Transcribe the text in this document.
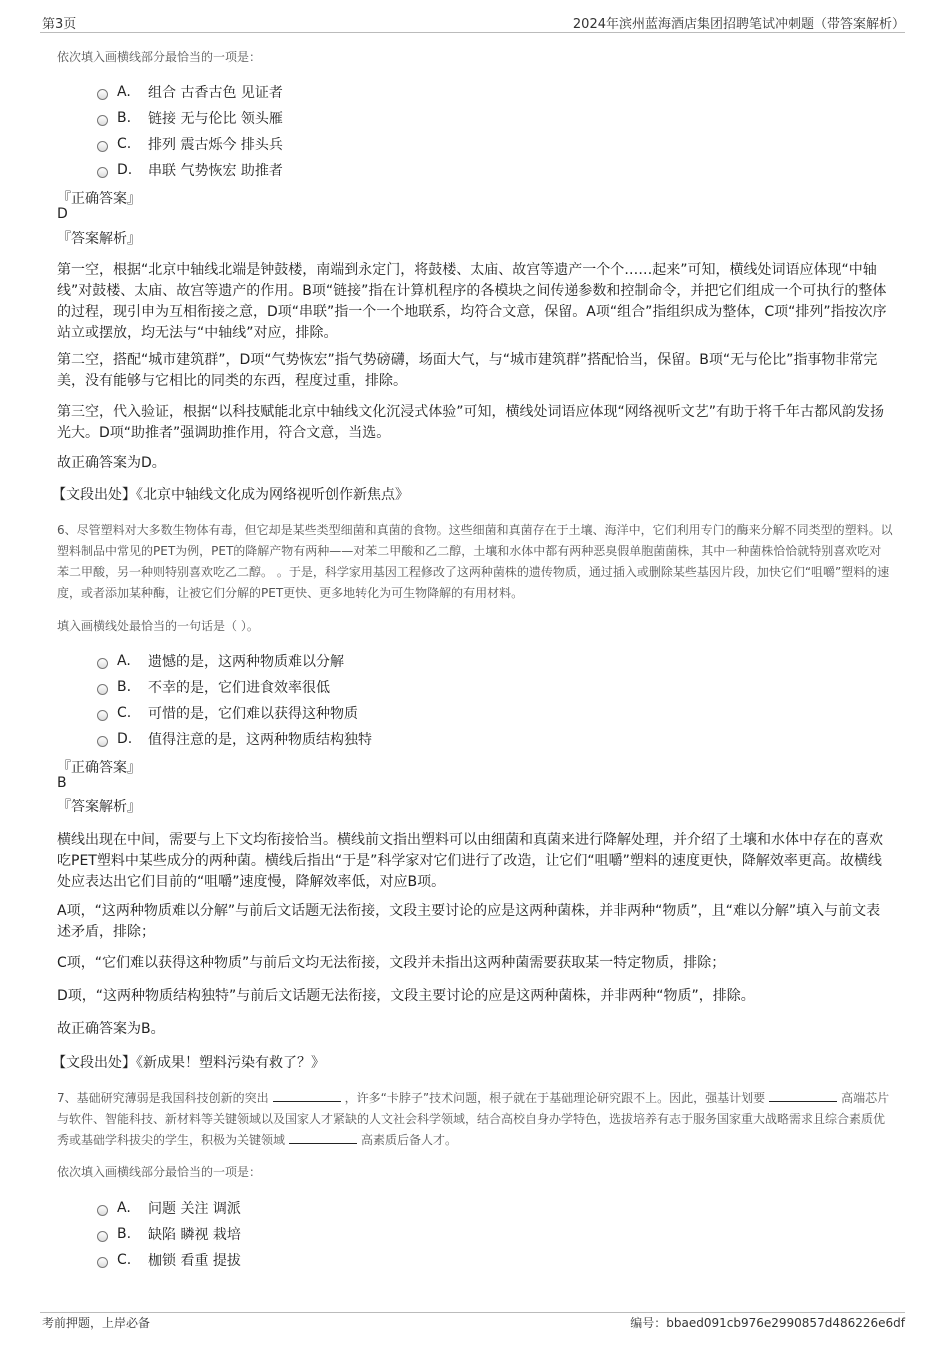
第3页	2024年滨州蓝海酒店集团招聘笔试冲刺题（带答案解析）
依次填入画横线部分最恰当的一项是：
A.	组合 古香古色 见证者
B.	链接 无与伦比 领头雁
C.	排列 震古烁今 排头兵
D.	串联 气势恢宏 助推者
『正确答案』
D
『答案解析』
第一空，根据“北京中轴线北端是钟鼓楼，南端到永定门，将鼓楼、太庙、故宫等遗产一个个……起来”可知，横线处词语应体现“中轴线”对鼓楼、太庙、故宫等遗产的作用。B项“链接”指在计算机程序的各模块之间传递参数和控制命令，并把它们组成一个可执行的整体的过程，现引申为互相衔接之意，D项“串联”指一个一个地联系，均符合文意，保留。A项“组合”指组织成为整体，C项“排列”指按次序站立或摆放，均无法与“中轴线”对应，排除。
第二空，搭配“城市建筑群”，D项“气势恢宏”指气势磅礴，场面大气，与“城市建筑群”搭配恰当，保留。B项“无与伦比”指事物非常完美，没有能够与它相比的同类的东西，程度过重，排除。
第三空，代入验证，根据“以科技赋能北京中轴线文化沉浸式体验”可知，横线处词语应体现“网络视听文艺”有助于将千年古都风韵发扬光大。D项“助推者”强调助推作用，符合文意，当选。
故正确答案为D。
【文段出处】《北京中轴线文化成为网络视听创作新焦点》
6、尽管塑料对大多数生物体有毒，但它却是某些类型细菌和真菌的食物。这些细菌和真菌存在于土壤、海洋中，它们利用专门的酶来分解不同类型的塑料。以塑料制品中常见的PET为例，PET的降解产物有两种——对苯二甲酸和乙二醇，土壤和水体中都有两种恶臭假单胞菌菌株，其中一种菌株恰恰就特别喜欢吃对苯二甲酸，另一种则特别喜欢吃乙二醇。 。于是，科学家用基因工程修改了这两种菌株的遗传物质，通过插入或删除某些基因片段，加快它们“咀嚼”塑料的速度，或者添加某种酶，让被它们分解的PET更快、更多地转化为可生物降解的有用材料。
填入画横线处最恰当的一句话是（ ）。
A.	遗憾的是，这两种物质难以分解
B.	不幸的是，它们进食效率很低
C.	可惜的是，它们难以获得这种物质
D.	值得注意的是，这两种物质结构独特
『正确答案』
B
『答案解析』
横线出现在中间，需要与上下文均衔接恰当。横线前文指出塑料可以由细菌和真菌来进行降解处理，并介绍了土壤和水体中存在的喜欢吃PET塑料中某些成分的两种菌。横线后指出“于是”科学家对它们进行了改造，让它们“咀嚼”塑料的速度更快，降解效率更高。故横线处应表达出它们目前的“咀嚼”速度慢，降解效率低，对应B项。
A项，“这两种物质难以分解”与前后文话题无法衔接，文段主要讨论的应是这两种菌株，并非两种“物质”，且“难以分解”填入与前文表述矛盾，排除；
C项，“它们难以获得这种物质”与前后文均无法衔接，文段并未指出这两种菌需要获取某一特定物质，排除；
D项，“这两种物质结构独特”与前后文话题无法衔接，文段主要讨论的应是这两种菌株，并非两种“物质”，排除。
故正确答案为B。
【文段出处】《新成果！塑料污染有救了？》
7、基础研究薄弱是我国科技创新的突出	，许多“卡脖子”技术问题，根子就在于基础理论研究跟不上。因此，强基计划要	高端芯片与软件、智能科技、新材料等关键领域以及国家人才紧缺的人文社会科学领域，结合高校自身办学特色，选拔培养有志于服务国家重大战略需求且综合素质优秀或基础学科拔尖的学生，积极为关键领域	高素质后备人才。
依次填入画横线部分最恰当的一项是：
A.	问题 关注 调派
B.	缺陷 瞵视 栽培
C.	枷锁 看重 提拔
考前押题，上岸必备	编号：bbaed091cb976e2990857d486226e6df
